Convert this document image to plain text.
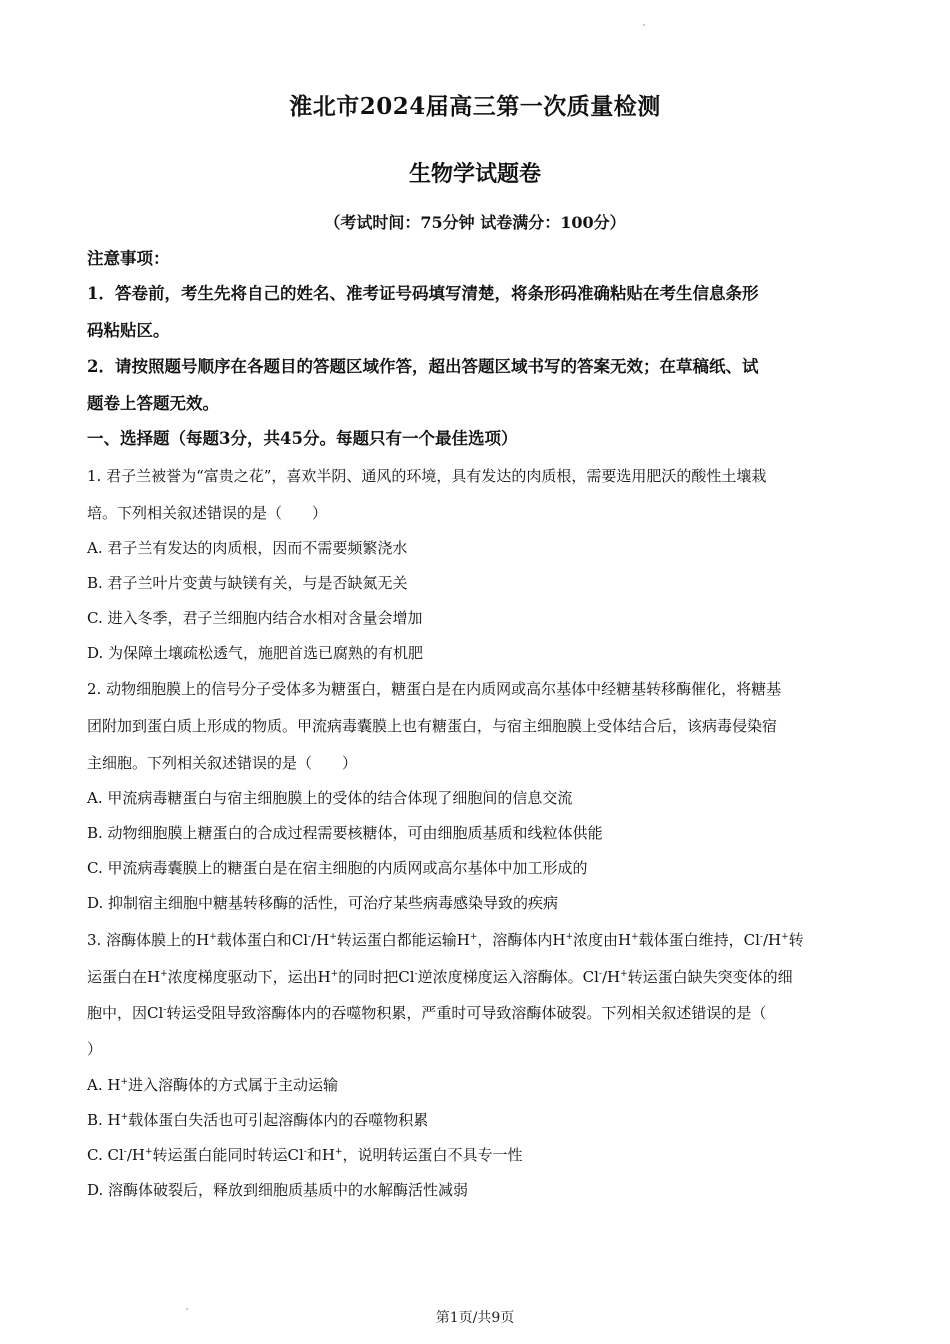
淮北市2024届高三第一次质量检测
生物学试题卷
（考试时间：75分钟 试卷满分：100分）
注意事项：
1．答卷前，考生先将自己的姓名、准考证号码填写清楚，将条形码准确粘贴在考生信息条形
码粘贴区。
2．请按照题号顺序在各题目的答题区域作答，超出答题区域书写的答案无效；在草稿纸、试
题卷上答题无效。
一、选择题（每题3分，共45分。每题只有一个最佳选项）
1. 君子兰被誉为“富贵之花”，喜欢半阴、通风的环境，具有发达的肉质根，需要选用肥沃的酸性土壤栽
培。下列相关叙述错误的是（　　）
A. 君子兰有发达的肉质根，因而不需要频繁浇水
B. 君子兰叶片变黄与缺镁有关，与是否缺氮无关
C. 进入冬季，君子兰细胞内结合水相对含量会增加
D. 为保障土壤疏松透气，施肥首选已腐熟的有机肥
2. 动物细胞膜上的信号分子受体多为糖蛋白，糖蛋白是在内质网或高尔基体中经糖基转移酶催化，将糖基
团附加到蛋白质上形成的物质。甲流病毒囊膜上也有糖蛋白，与宿主细胞膜上受体结合后，该病毒侵染宿
主细胞。下列相关叙述错误的是（　　）
A. 甲流病毒糖蛋白与宿主细胞膜上的受体的结合体现了细胞间的信息交流
B. 动物细胞膜上糖蛋白的合成过程需要核糖体，可由细胞质基质和线粒体供能
C. 甲流病毒囊膜上的糖蛋白是在宿主细胞的内质网或高尔基体中加工形成的
D. 抑制宿主细胞中糖基转移酶的活性，可治疗某些病毒感染导致的疾病
3. 溶酶体膜上的H+载体蛋白和Cl-/H+转运蛋白都能运输H+，溶酶体内H+浓度由H+载体蛋白维持，Cl-/H+转
运蛋白在H+浓度梯度驱动下，运出H+的同时把Cl-逆浓度梯度运入溶酶体。Cl-/H+转运蛋白缺失突变体的细
胞中，因Cl-转运受阻导致溶酶体内的吞噬物积累，严重时可导致溶酶体破裂。下列相关叙述错误的是（
）
A. H+进入溶酶体的方式属于主动运输
B. H+载体蛋白失活也可引起溶酶体内的吞噬物积累
C. Cl-/H+转运蛋白能同时转运Cl-和H+，说明转运蛋白不具专一性
D. 溶酶体破裂后，释放到细胞质基质中的水解酶活性减弱
第1页/共9页
